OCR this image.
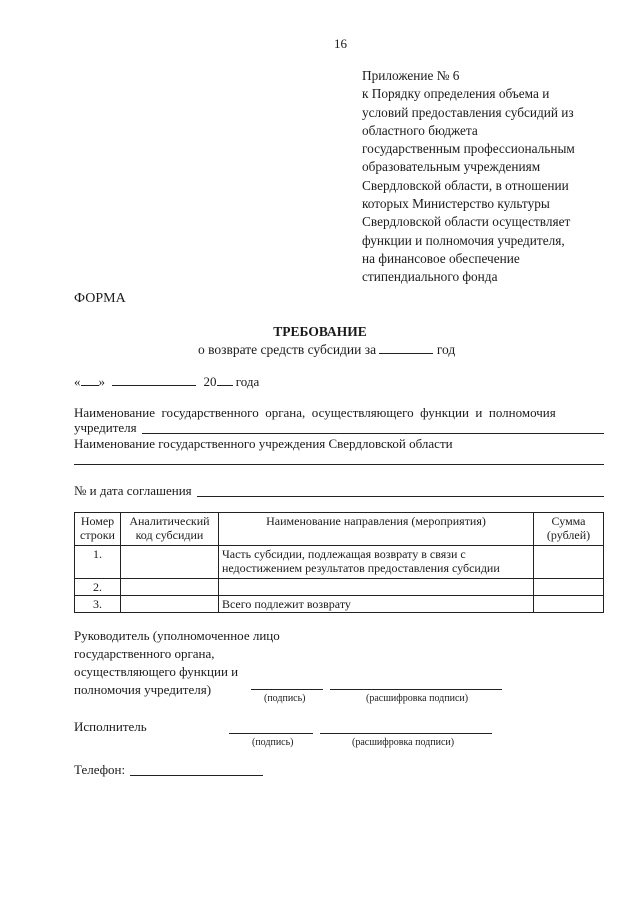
16
Приложение № 6
к Порядку определения объема и
условий предоставления субсидий из
областного бюджета
государственным профессиональным
образовательным учреждениям
Свердловской области, в отношении
которых Министерство культуры
Свердловской области осуществляет
функции и полномочия учредителя,
на финансовое обеспечение
стипендиального фонда
ФОРМА
ТРЕБОВАНИЕ
о возврате средств субсидии за	год
« »	20 года
Наименование  государственного  органа,  осуществляющего  функции  и  полномочия
учредителя
Наименование государственного учреждения Свердловской области
№ и дата соглашения
Номер строки	Аналитический код субсидии	Наименование направления (мероприятия)	Сумма (рублей)
1.		Часть субсидии, подлежащая возврату в связи с недостижением результатов предоставления субсидии	
2.			
3.		Всего подлежит возврату	
Руководитель (уполномоченное лицо
государственного органа,
осуществляющего функции и
полномочия учредителя)
(подпись)	(расшифровка подписи)
Исполнитель
(подпись)	(расшифровка подписи)
Телефон:
